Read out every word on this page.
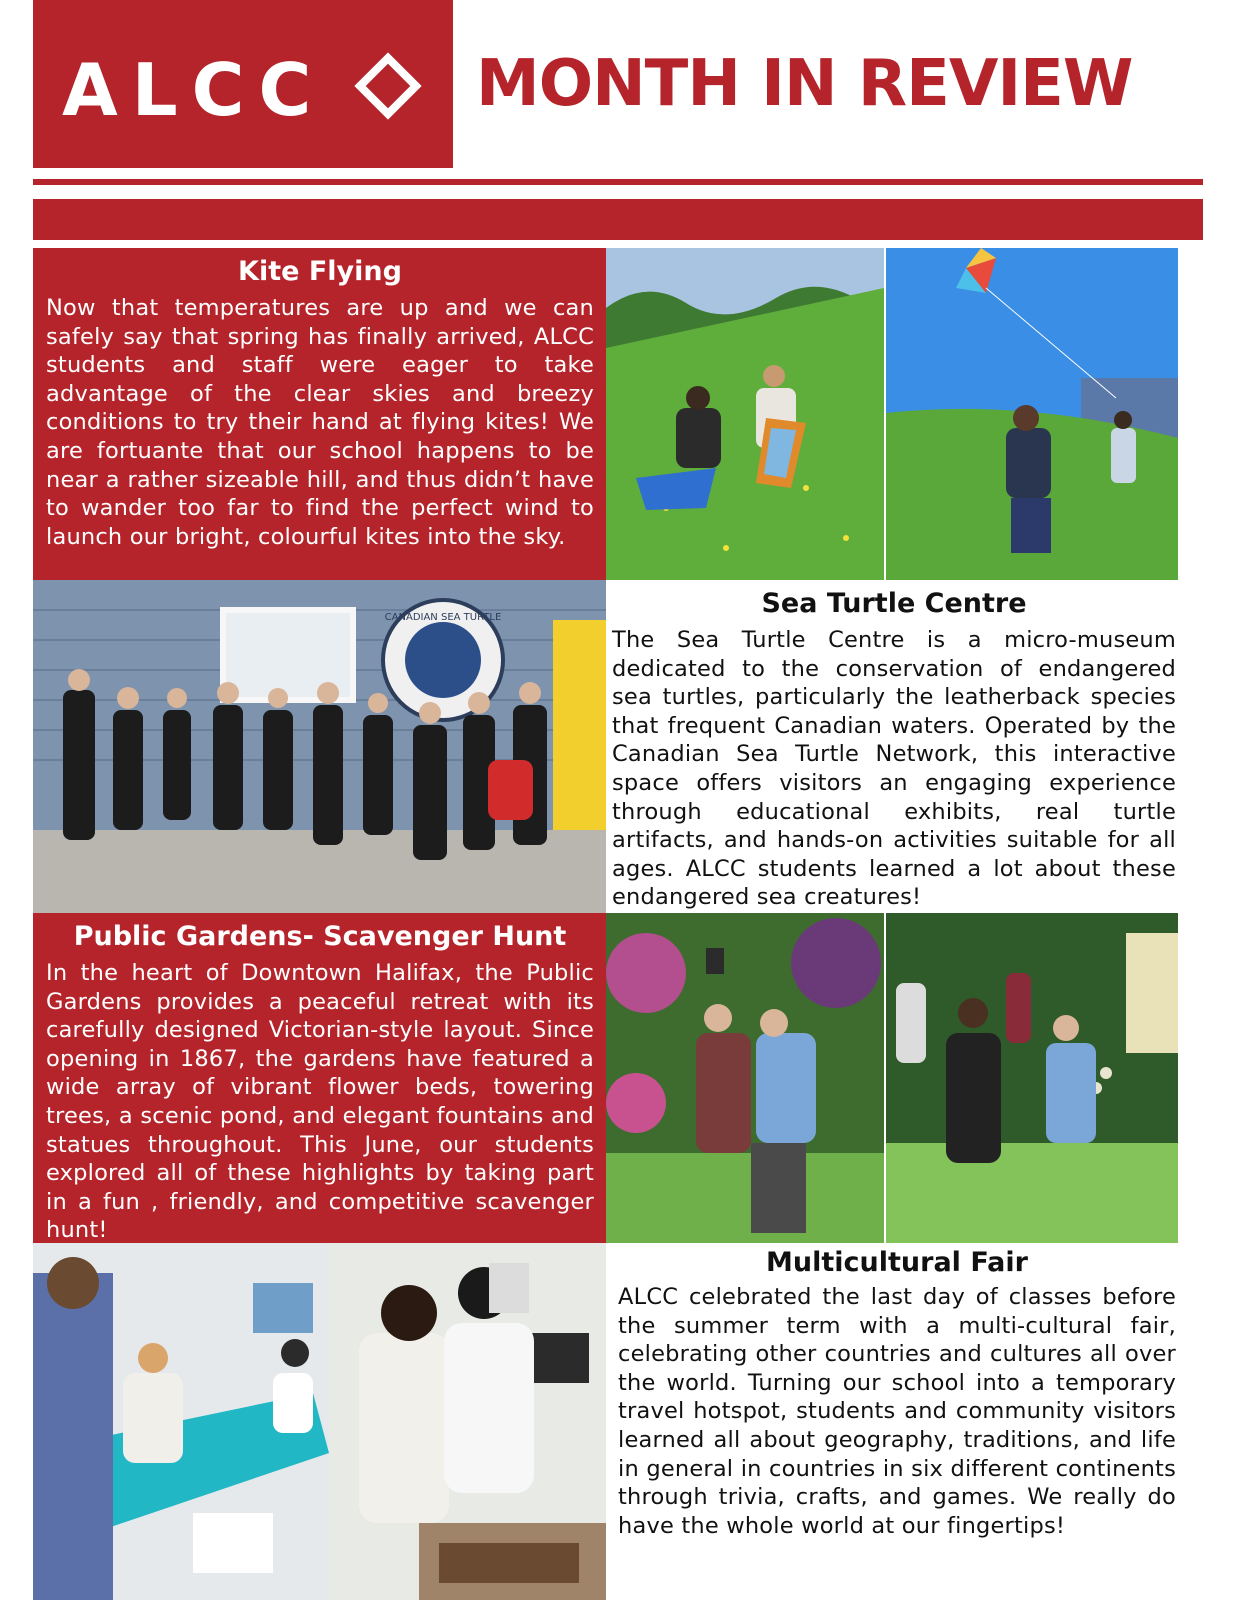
ALCC	MONTH IN REVIEW
Kite Flying

Now that temperatures are up and we can safely say that spring has finally arrived, ALCC students and staff were eager to take advantage of the clear skies and breezy conditions to try their hand at flying kites! We are fortuante that our school happens to be near a rather sizeable hill, and thus didn’t have to wander too far to find the perfect wind to launch our bright, colourful kites into the sky.

CANADIAN SEA TURTLE	Sea Turtle Centre

The Sea Turtle Centre is a micro-museum dedicated to the conservation of endangered sea turtles, particularly the leatherback species that frequent Canadian waters. Operated by the Canadian Sea Turtle Network, this interactive space offers visitors an engaging experience through educational exhibits, real turtle artifacts, and hands-on activities suitable for all ages. ALCC students learned a lot about these endangered sea creatures!

Public Gardens- Scavenger Hunt

In the heart of Downtown Halifax, the Public Gardens provides a peaceful retreat with its carefully designed Victorian-style layout. Since opening in 1867, the gardens have featured a wide array of vibrant flower beds, towering trees, a scenic pond, and elegant fountains and statues throughout. This June, our students explored all of these highlights by taking part in a fun , friendly, and competitive scavenger hunt!

Multicultural Fair

ALCC celebrated the last day of classes before the summer term with a multi-cultural fair, celebrating other countries and cultures all over the world. Turning our school into a temporary travel hotspot, students and community visitors learned all about geography, traditions, and life in general in countries in six different continents through trivia, crafts, and games. We really do have the whole world at our fingertips!
